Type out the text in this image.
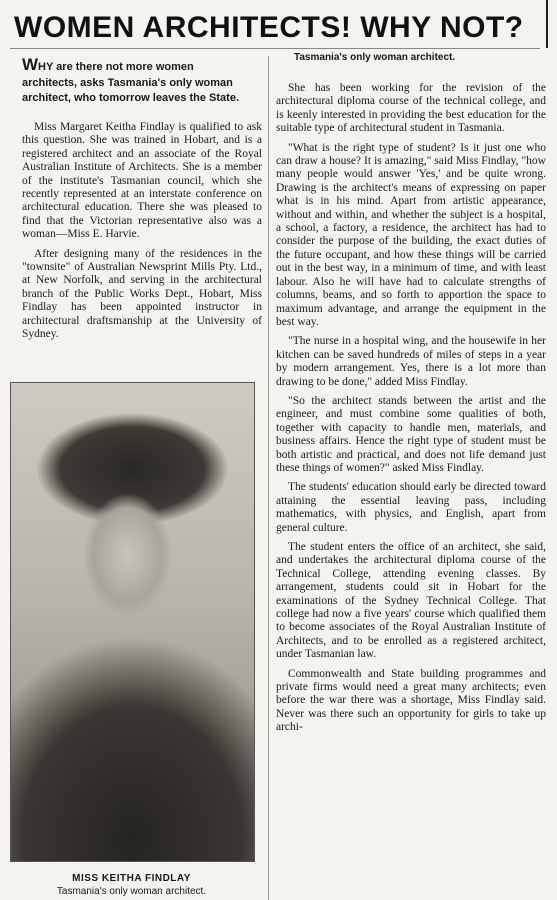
WOMEN ARCHITECTS! WHY NOT?
Tasmania's only woman architect.
WHY are there not more women architects, asks Tasmania's only woman architect, who tomorrow leaves the State.

Miss Margaret Keitha Findlay is qualified to ask this question. She was trained in Hobart, and is a registered architect and an associate of the Royal Australian Institute of Architects. She is a member of the institute's Tasmanian council, which she recently represented at an interstate conference on architectural education. There she was pleased to find that the Victorian representative also was a woman—Miss E. Harvie.

After designing many of the residences in the "townsite" of Australian Newsprint Mills Pty. Ltd., at New Norfolk, and serving in the architectural branch of the Public Works Dept., Hobart, Miss Findlay has been appointed instructor in architectural draftsmanship at the University of Sydney.

MISS KEITHA FINDLAY
Tasmania's only woman architect.

She has been working for the revision of the architectural diploma course of the technical college, and is keenly interested in providing the best education for the suitable type of architectural student in Tasmania.

"What is the right type of student? Is it just one who can draw a house? It is amazing," said Miss Findlay, "how many people would answer 'Yes,' and be quite wrong. Drawing is the architect's means of expressing on paper what is in his mind. Apart from artistic appearance, without and within, and whether the subject is a hospital, a school, a factory, a residence, the architect has had to consider the purpose of the building, the exact duties of the future occupant, and how these things will be carried out in the best way, in a minimum of time, and with least labour. Also he will have had to calculate strengths of columns, beams, and so forth to apportion the space to maximum advantage, and arrange the equipment in the best way.

"The nurse in a hospital wing, and the housewife in her kitchen can be saved hundreds of miles of steps in a year by modern arrangement. Yes, there is a lot more than drawing to be done," added Miss Findlay.

"So the architect stands between the artist and the engineer, and must combine some qualities of both, together with capacity to handle men, materials, and business affairs. Hence the right type of student must be both artistic and practical, and does not life demand just these things of women?" asked Miss Findlay.

The students' education should early be directed toward attaining the essential leaving pass, including mathematics, with physics, and English, apart from general culture.

The student enters the office of an architect, she said, and undertakes the architectural diploma course of the Technical College, attending evening classes. By arrangement, students could sit in Hobart for the examinations of the Sydney Technical College. That college had now a five years' course which qualified them to become associates of the Royal Australian Institute of Architects, and to be enrolled as a registered architect, under Tasmanian law.

Commonwealth and State building programmes and private firms would need a great many architects; even before the war there was a shortage, Miss Findlay said. Never was there such an opportunity for girls to take up archi-
